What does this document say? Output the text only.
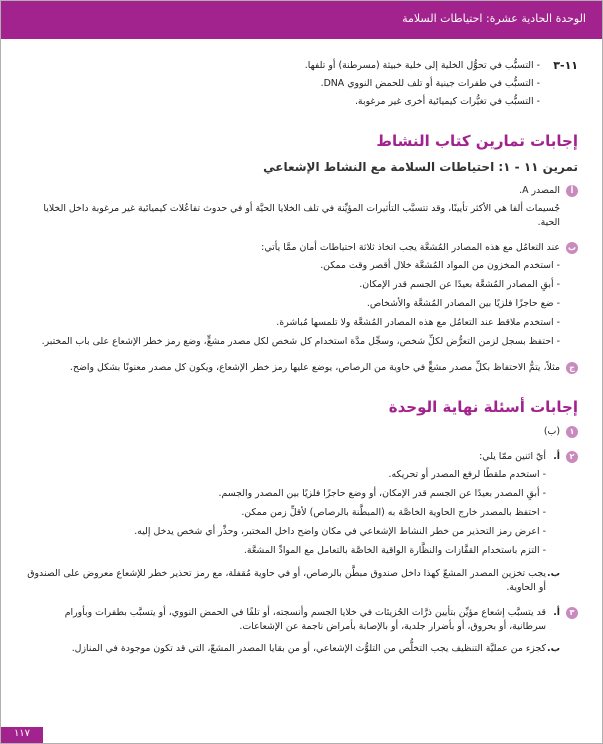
الوحدة الحادية عشرة: احتياطات السلامة
١١-٣
- التسبُّب في تحوُّل الخلية إلى خلية خبيثة (مسرطنة) أو تلفها.
- التسبُّب في طفرات جينية أو تلف للحمض النووي DNA.
- التسبُّب في تغيُّرات كيميائية أخرى غير مرغوبة.
إجابات تمارين كتاب النشاط
تمرين ١١ - ١: احتياطات السلامة مع النشاط الإشعاعي
أ

المصدر A.

جُسيمات ألفا هي الأكثر تأيينًا، وقد تتسبَّب التأثيرات المؤيِّنة في تلف الخلايا الحيَّة أو في حدوث تفاعُلات كيميائية غير مرغوبة داخل الخلايا الحية.

ب

عند التعامُل مع هذه المصادر المُشعَّة يجب اتخاذ ثلاثة احتياطات أمان ممَّا يأتي:

- استخدم المخزون من المواد المُشعَّة خلال أقصر وقت ممكن.
- أبقِ المصادر المُشعَّة بعيدًا عن الجسم قدر الإمكان.
- ضع حاجزًا فلزيًا بين المصادر المُشعَّة والأشخاص.
- استخدم ملاقط عند التعامُل مع هذه المصادر المُشعَّة ولا تلمسها مُباشرة.
- احتفظ بسجل لزمن التعرُّض لكلِّ شخص، وسجِّل مدَّة استخدام كل شخص لكل مصدر مشعٍّ، وضع رمز خطر الإشعاع على باب المختبر.
ج

مثلاً، يتمُّ الاحتفاظ بكلِّ مصدر مشعٍّ في حاوية من الرصاص، يوضع عليها رمز خطر الإشعاع، ويكون كل مصدر معنونًا بشكل واضح.

إجابات أسئلة نهاية الوحدة
١

(ب)

٢
أ.

أيّ اثنين ممّا يلي:

- استخدم ملقطًا لرفع المصدر أو تحريكه.
- أبقِ المصدر بعيدًا عن الجسم قدر الإمكان، أو وضع حاجزًا فلزيًا بين المصدر والجسم.
- احتفظ بالمصدر خارج الحاوية الخاصَّة به (المبطَّنة بالرصاص) لأقلِّ زمن ممكن.
- اعرض رمز التحذير من خطر النشاط الإشعاعي في مكان واضح داخل المختبر، وحذِّر أي شخص يدخل إليه.
- التزم باستخدام القفَّازات والنظَّارة الواقية الخاصَّة بالتعامل مع الموادِّ المشعَّة.
ب.

يجب تخزين المصدر المشعّ كهذا داخل صندوق مبطَّن بالرصاص، أو في حاوية مُقفلة، مع رمز تحذير خطر للإشعاع معروض على الصندوق أو الحاوية.

٣
أ.

قد يتسبَّب إشعاع مؤيِّن بتأيين ذرَّات الجُزيئات في خلايا الجسم وأنسجته، أو تلفًا في الحمض النووي، أو يتسبَّب بطفرات وبأورام سرطانية، أو بحروق، أو بأضرار جلدية، أو بالإصابة بأمراض ناجمة عن الإشعاعات.

ب.

كجزء من عمليَّة التنظيف يجب التخلُّص من التلوُّث الإشعاعي، أو من بقايا المصدر المشعّ، التي قد تكون موجودة في المنازل.

١١٧
